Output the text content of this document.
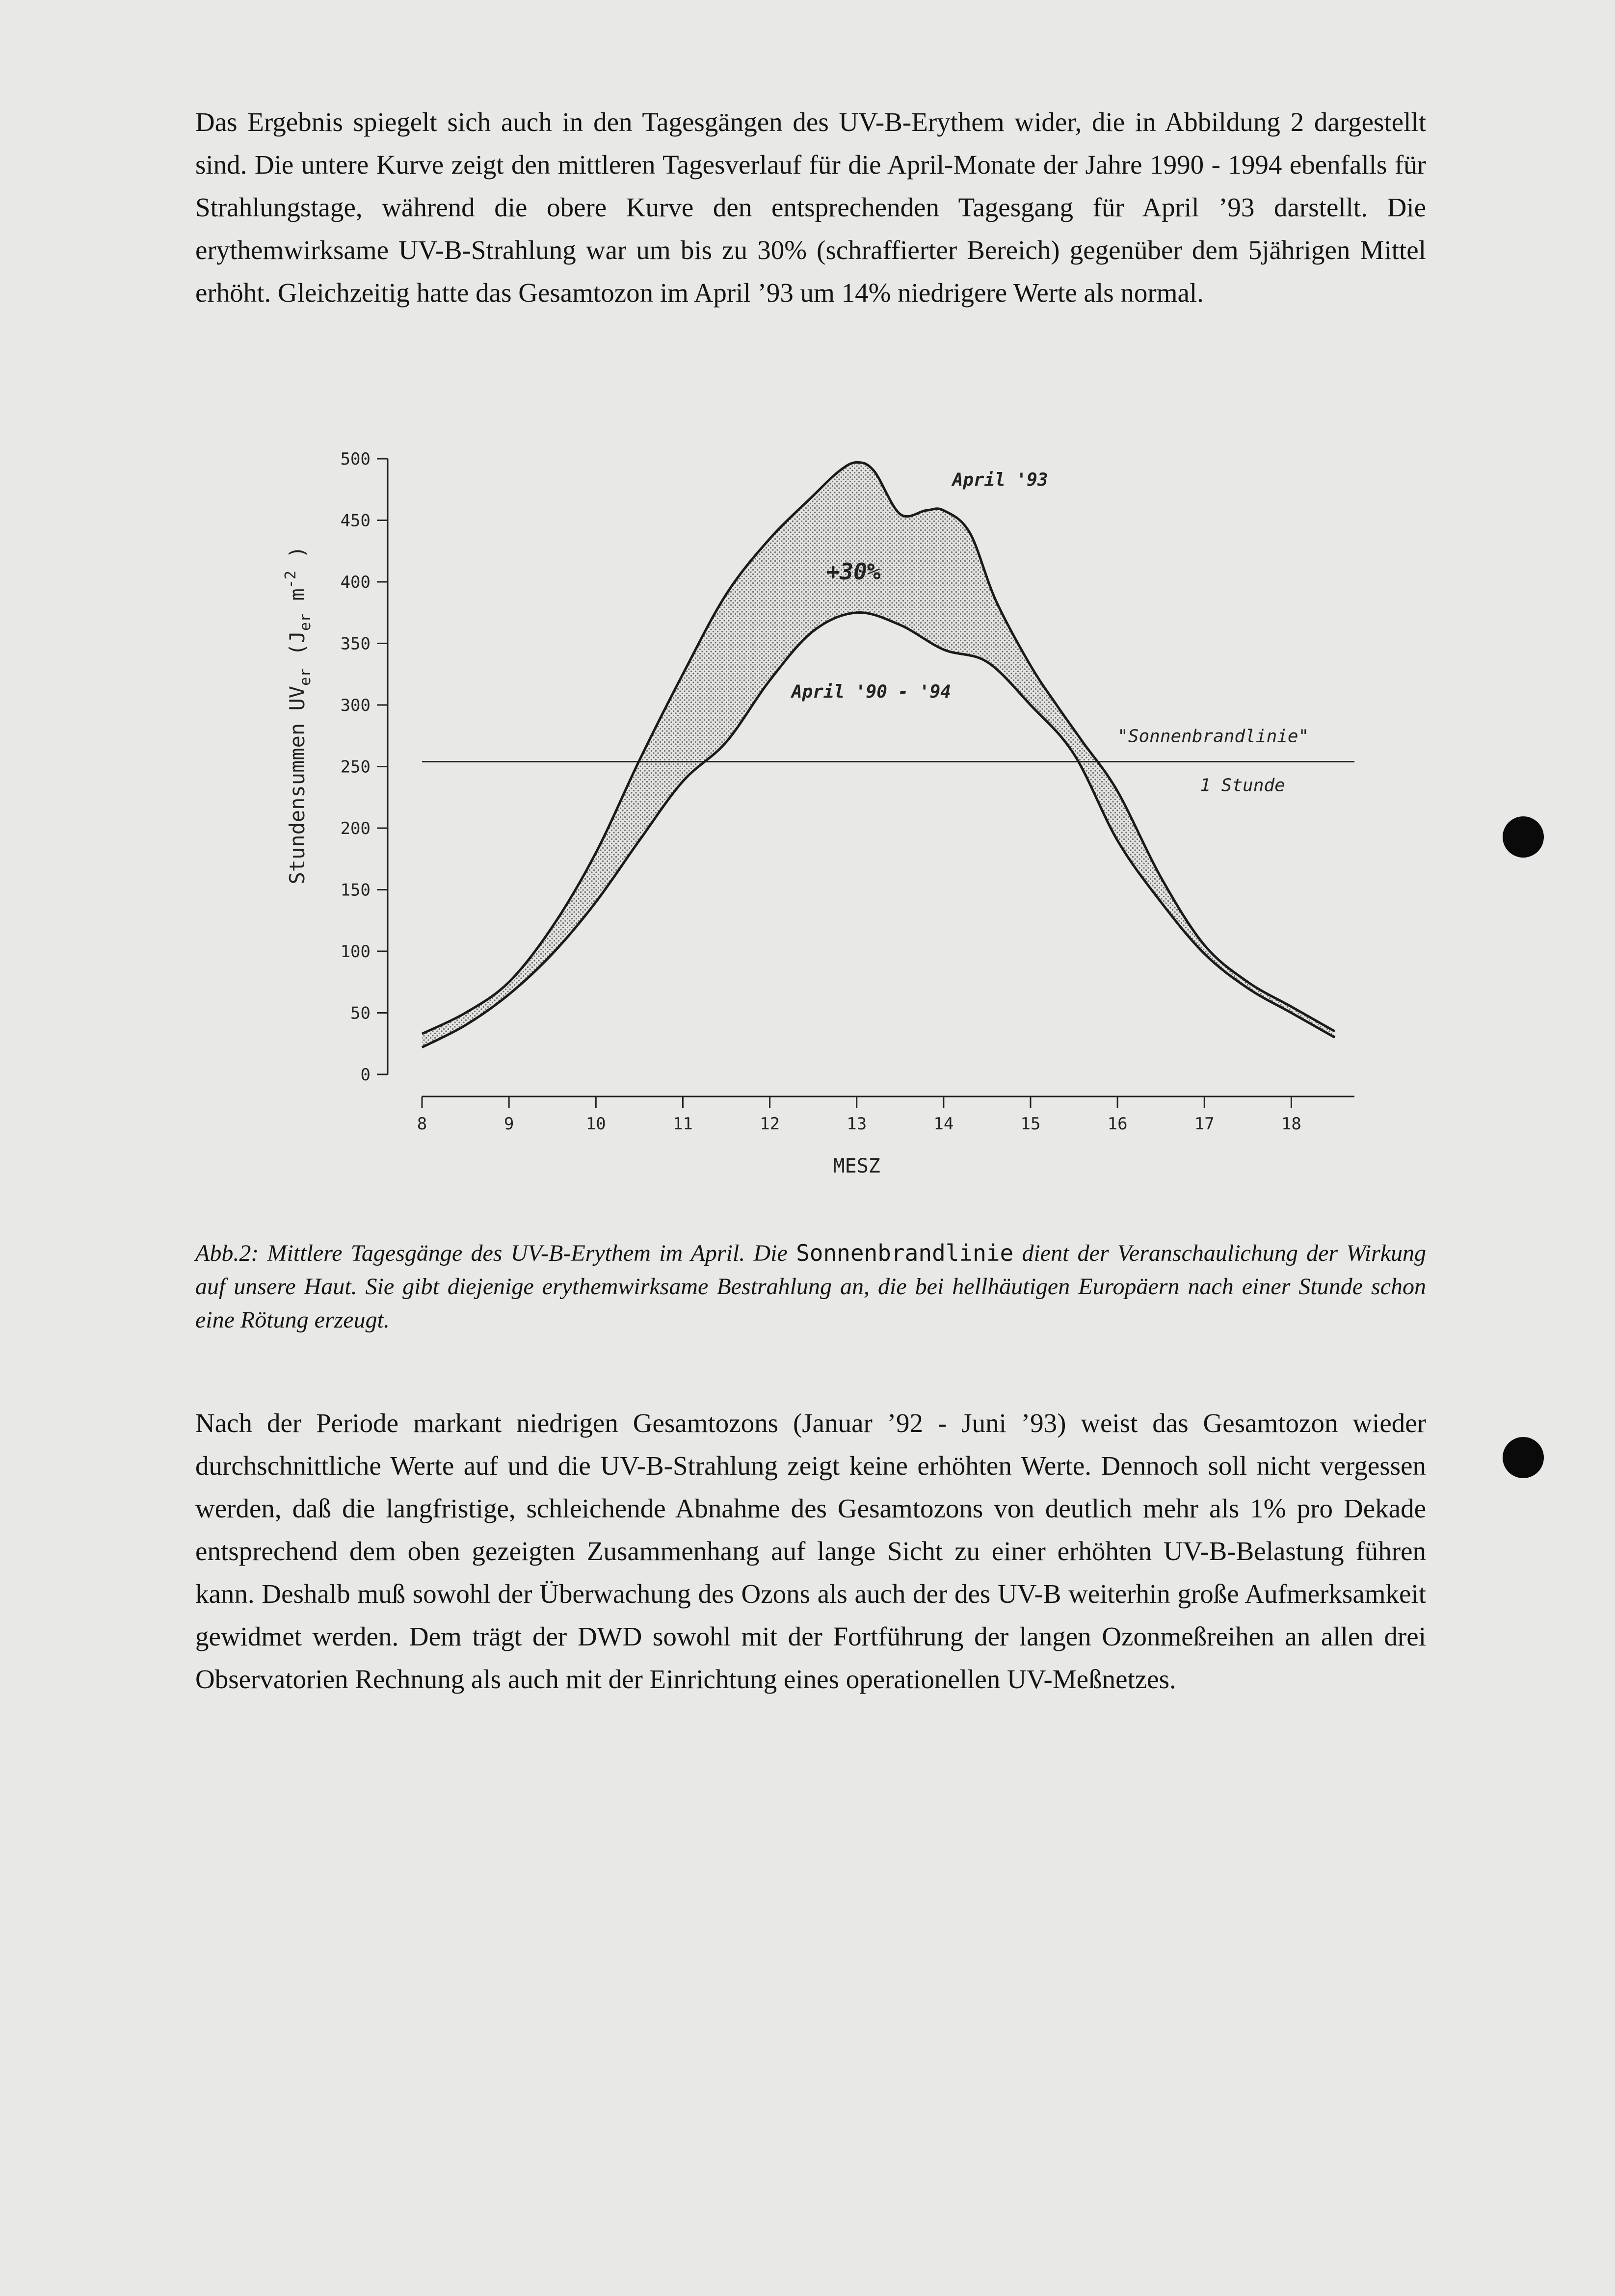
Das Ergebnis spiegelt sich auch in den Tagesgängen des UV-B-Erythem wider, die in Abbildung 2 dargestellt sind. Die untere Kurve zeigt den mittleren Tagesverlauf für die April-Monate der Jahre 1990 - 1994 ebenfalls für Strahlungstage, während die obere Kurve den entsprechenden Tagesgang für April ’93 darstellt. Die erythemwirksame UV-B-Strahlung war um bis zu 30% (schraffierter Bereich) gegenüber dem 5jährigen Mittel erhöht. Gleichzeitig hatte das Gesamtozon im April ’93 um 14% niedrigere Werte als normal.

0
50
100
150
200
250
300
350
400
450
500
8	9	10	11	12	13	14	15	16	17	18
April '93
+30%
April '90 - '94
"Sonnenbrandlinie"
1 Stunde
MESZ
Stundensummen $UV_{er}$ ($J_{er}$ $m^{-2}$ )

Abb.2: Mittlere Tagesgänge des UV-B-Erythem im April. Die Sonnenbrandlinie dient der Veranschaulichung der Wirkung auf unsere Haut. Sie gibt diejenige erythemwirksame Bestrahlung an, die bei hellhäutigen Europäern nach einer Stunde schon eine Rötung erzeugt.

Nach der Periode markant niedrigen Gesamtozons (Januar ’92 - Juni ’93) weist das Gesamtozon wieder durchschnittliche Werte auf und die UV-B-Strahlung zeigt keine erhöhten Werte. Dennoch soll nicht vergessen werden, daß die langfristige, schleichende Abnahme des Gesamtozons von deutlich mehr als 1% pro Dekade entsprechend dem oben gezeigten Zusammenhang auf lange Sicht zu einer erhöhten UV-B-Belastung führen kann. Deshalb muß sowohl der Überwachung des Ozons als auch der des UV-B weiterhin große Aufmerksamkeit gewidmet werden. Dem trägt der DWD sowohl mit der Fortführung der langen Ozonmeßreihen an allen drei Observatorien Rechnung als auch mit der Einrichtung eines operationellen UV-Meßnetzes.
